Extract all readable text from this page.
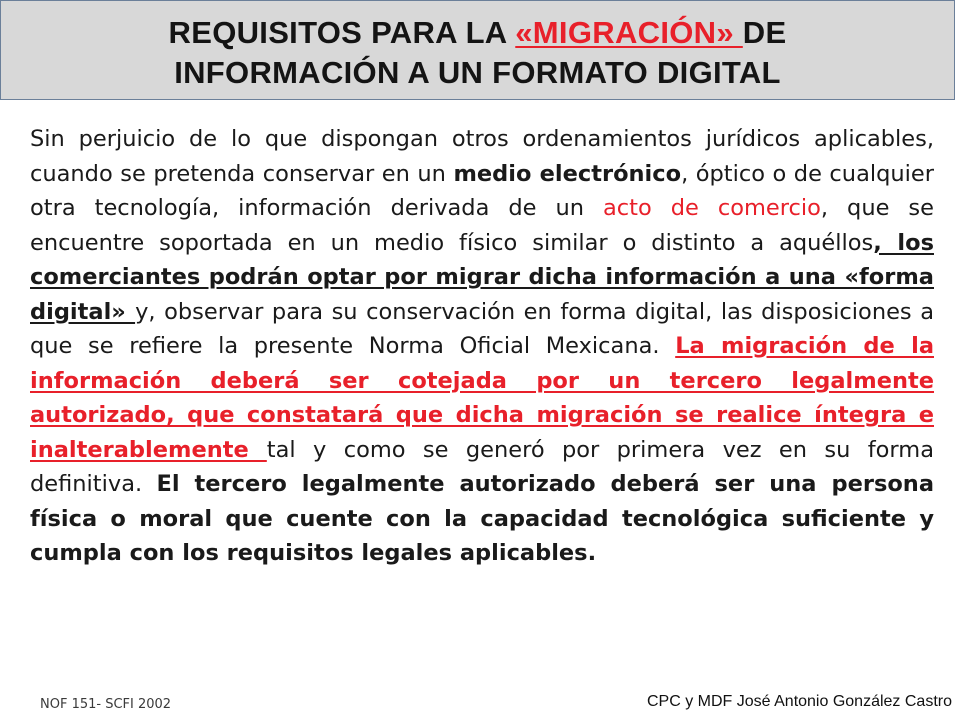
REQUISITOS PARA LA «MIGRACIÓN» DE
INFORMACIÓN A UN FORMATO DIGITAL

Sin perjuicio de lo que dispongan otros ordenamientos jurídicos aplicables, cuando se pretenda conservar en un medio electrónico, óptico o de cualquier otra tecnología, información derivada de un acto de comercio, que se encuentre soportada en un medio físico similar o distinto a aquéllos, los comerciantes podrán optar por migrar dicha información a una «forma digital» y, observar para su conservación en forma digital, las disposiciones a que se refiere la presente Norma Oficial Mexicana. La migración de la información deberá ser cotejada por un tercero legalmente autorizado, que constatará que dicha migración se realice íntegra e inalterablemente tal y como se generó por primera vez en su forma definitiva. El tercero legalmente autorizado deberá ser una persona física o moral que cuente con la capacidad tecnológica suficiente y cumpla con los requisitos legales aplicables.

NOF 151- SCFI 2002	CPC y MDF José Antonio González Castro
